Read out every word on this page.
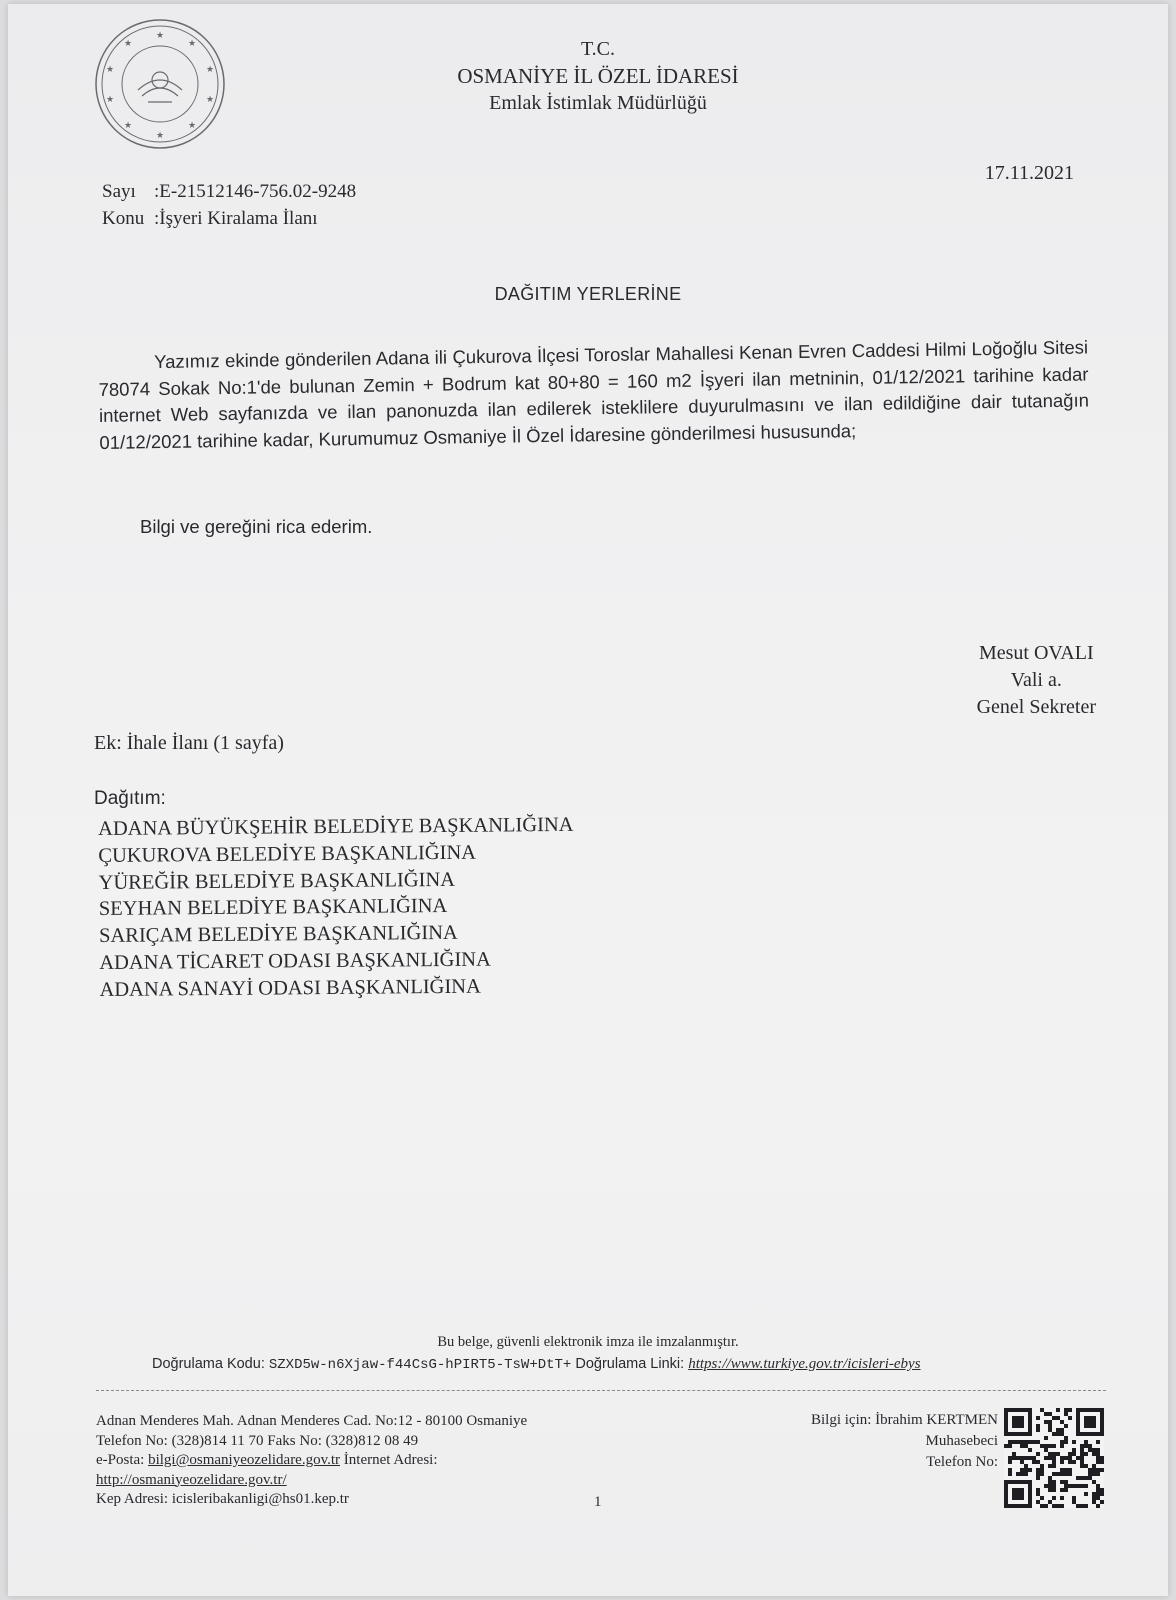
★
★
★
★
★
★
★
★
★
★	T.C.
OSMANİYE İL ÖZEL İDARESİ
Emlak İstimlak Müdürlüğü
17.11.2021
Sayı :E-21512146-756.02-9248
Konu :İşyeri Kiralama İlanı
DAĞITIM YERLERİNE

Yazımız ekinde gönderilen Adana ili Çukurova İlçesi Toroslar Mahallesi Kenan Evren Caddesi Hilmi Loğoğlu Sitesi 78074 Sokak No:1'de bulunan Zemin + Bodrum kat 80+80 = 160 m2 İşyeri ilan metninin, 01/12/2021 tarihine kadar internet Web sayfanızda ve ilan panonuzda ilan edilerek isteklilere duyurulmasını ve ilan edildiğine dair tutanağın 01/12/2021 tarihine kadar, Kurumumuz Osmaniye İl Özel İdaresine gönderilmesi hususunda;

Bilgi ve gereğini rica ederim.
Mesut OVALI
Vali a.
Genel Sekreter
Ek: İhale İlanı (1 sayfa)
Dağıtım:
ADANA BÜYÜKŞEHİR BELEDİYE BAŞKANLIĞINA
ÇUKUROVA BELEDİYE BAŞKANLIĞINA
YÜREĞİR BELEDİYE BAŞKANLIĞINA
SEYHAN BELEDİYE BAŞKANLIĞINA
SARIÇAM BELEDİYE BAŞKANLIĞINA
ADANA TİCARET ODASI BAŞKANLIĞINA
ADANA SANAYİ ODASI BAŞKANLIĞINA
Bu belge, güvenli elektronik imza ile imzalanmıştır.
Doğrulama Kodu: SZXD5w-n6Xjaw-f44CsG-hPIRT5-TsW+DtT+ Doğrulama Linki: https://www.turkiye.gov.tr/icisleri-ebys
Adnan Menderes Mah. Adnan Menderes Cad. No:12 - 80100 Osmaniye
Telefon No: (328)814 11 70 Faks No: (328)812 08 49
e-Posta: bilgi@osmaniyeozelidare.gov.tr İnternet Adresi:
http://osmaniyeozelidare.gov.tr/
Kep Adresi: icisleribakanligi@hs01.kep.tr
Bilgi için: İbrahim KERTMEN
Muhasebeci
Telefon No:
1
